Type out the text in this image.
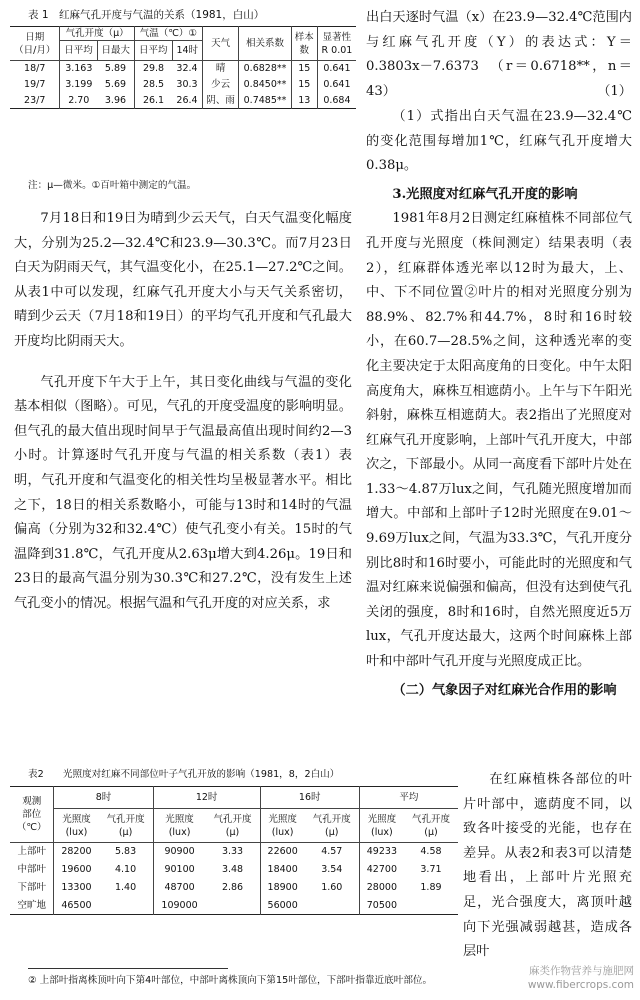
表 1　红麻气孔开度与气温的关系（1981，白山）
日期
（日/月）	气孔开度（μ）		气温（℃）①		天气	相关系数	样本
数	显著性
R 0.01
	日平均	日最大	日平均	14时				
18/7	3.163	5.89	29.8	32.4	晴	0.6828**	15	0.641
19/7	3.199	5.69	28.5	30.3	少云	0.8450**	15	0.641
23/7	2.70	3.96	26.1	26.4	阴、雨	0.7485**	13	0.684
注：μ—微米。①百叶箱中测定的气温。

7月18日和19日为晴到少云天气，白天气温变化幅度大，分别为25.2—32.4℃和23.9—30.3℃。而7月23日白天为阴雨天气，其气温变化小，在25.1—27.2℃之间。从表1中可以发现，红麻气孔开度大小与天气关系密切，晴到少云天（7月18和19日）的平均气孔开度和气孔最大开度均比阴雨天大。

气孔开度下午大于上午，其日变化曲线与气温的变化基本相似（图略）。可见，气孔的开度受温度的影响明显。但气孔的最大值出现时间早于气温最高值出现时间约2—3小时。计算逐时气孔开度与气温的相关系数（表1）表明，气孔开度和气温变化的相关性均呈极显著水平。相比之下，18日的相关系数略小，可能与13时和14时的气温偏高（分别为32和32.4℃）使气孔变小有关。15时的气温降到31.8℃，气孔开度从2.63μ增大到4.26μ。19日和23日的最高气温分别为30.3℃和27.2℃，没有发生上述气孔变小的情况。根据气温和气孔开度的对应关系，求

出白天逐时气温（x）在23.9—32.4℃范围内与红麻气孔开度（Y）的表达式：Y＝0.3803x－7.6373　（r＝0.6718**，n＝43）	（1）

（1）式指出白天气温在23.9—32.4℃的变化范围每增加1℃，红麻气孔开度增大0.38μ。

3.光照度对红麻气孔开度的影响

1981年8月2日测定红麻植株不同部位气孔开度与光照度（株间测定）结果表明（表2），红麻群体透光率以12时为最大，上、中、下不同位置②叶片的相对光照度分别为88.9%、82.7%和44.7%，8时和16时较小，在60.7—28.5%之间，这种透光率的变化主要决定于太阳高度角的日变化。中午太阳高度角大，麻株互相遮荫小。上午与下午阳光斜射，麻株互相遮荫大。表2指出了光照度对红麻气孔开度影响，上部叶气孔开度大，中部次之，下部最小。从同一高度看下部叶片处在1.33～4.87万lux之间，气孔随光照度增加而增大。中部和上部叶子12时光照度在9.01～9.69万lux之间，气温为33.3℃，气孔开度分别比8时和16时要小，可能此时的光照度和气温对红麻来说偏强和偏高，但没有达到使气孔关闭的强度，8时和16时，自然光照度近5万lux，气孔开度达最大，这两个时间麻株上部叶和中部叶气孔开度与光照度成正比。

（二）气象因子对红麻光合作用的影响

在红麻植株各部位的叶片叶部中，遮荫度不同，以致各叶接受的光能，也存在差异。从表2和表3可以清楚地看出，上部叶片光照充足，光合强度大，离顶叶越向下光强减弱越甚，造成各层叶

表2　　光照度对红麻不同部位叶子气孔开放的影响（1981，8，2白山）
观测
部位
（℃）	8时		12时		16时		平均	
	光照度
(lux)	气孔开度
(μ)	光照度
(lux)	气孔开度
(μ)	光照度
(lux)	气孔开度
(μ)	光照度
(lux)	气孔开度
(μ)
上部叶	28200	5.83	90900	3.33	22600	4.57	49233	4.58
中部叶	19600	4.10	90100	3.48	18400	3.54	42700	3.71
下部叶	13300	1.40	48700	2.86	18900	1.60	28000	1.89
空旷地	46500		109000		56000		70500	
② 上部叶指离株顶叶向下第4叶部位，中部叶离株顶向下第15叶部位，下部叶指靠近底叶部位。
麻类作物营养与施肥网
www.fibercrops.com
